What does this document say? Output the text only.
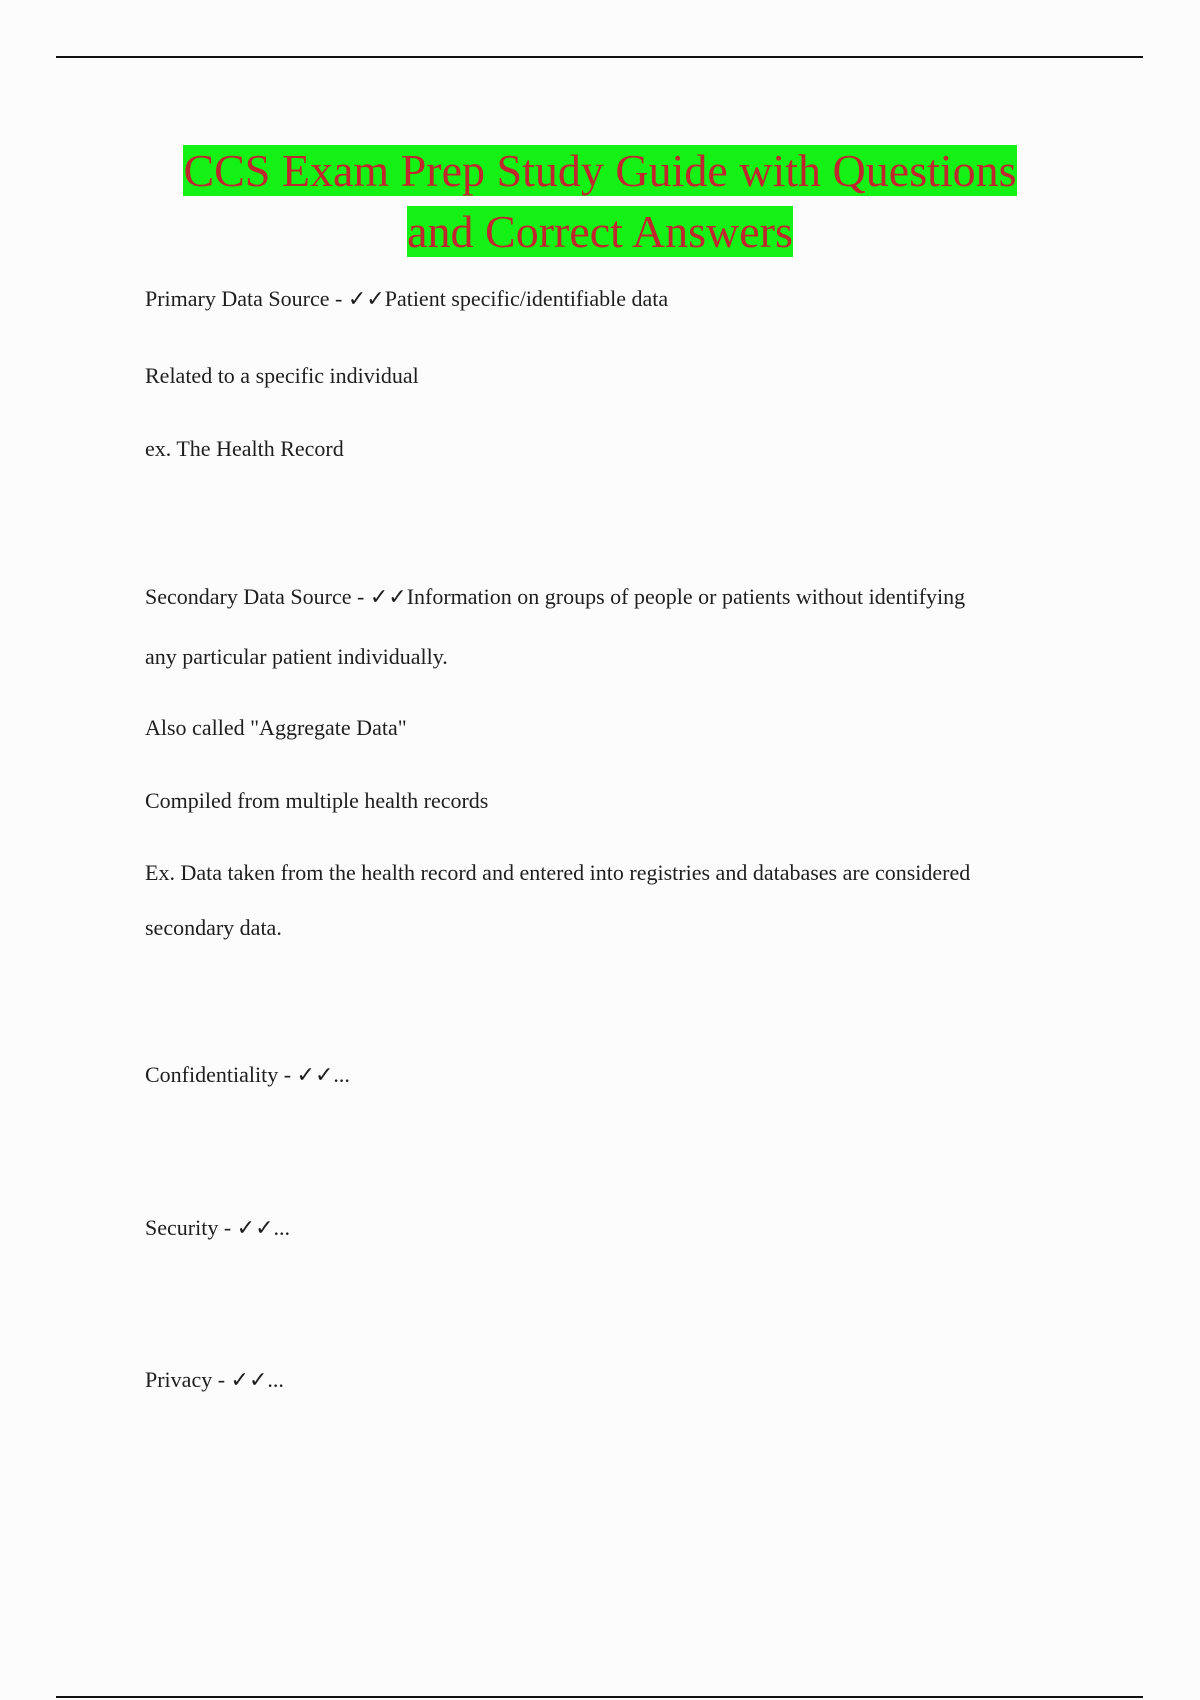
CCS Exam Prep Study Guide with Questions
and Correct Answers

Primary Data Source - ✓✓Patient specific/identifiable data

Related to a specific individual

ex. The Health Record

Secondary Data Source - ✓✓Information on groups of people or patients without identifying

any particular patient individually.

Also called "Aggregate Data"

Compiled from multiple health records

Ex. Data taken from the health record and entered into registries and databases are considered

secondary data.

Confidentiality - ✓✓...

Security - ✓✓...

Privacy - ✓✓...
